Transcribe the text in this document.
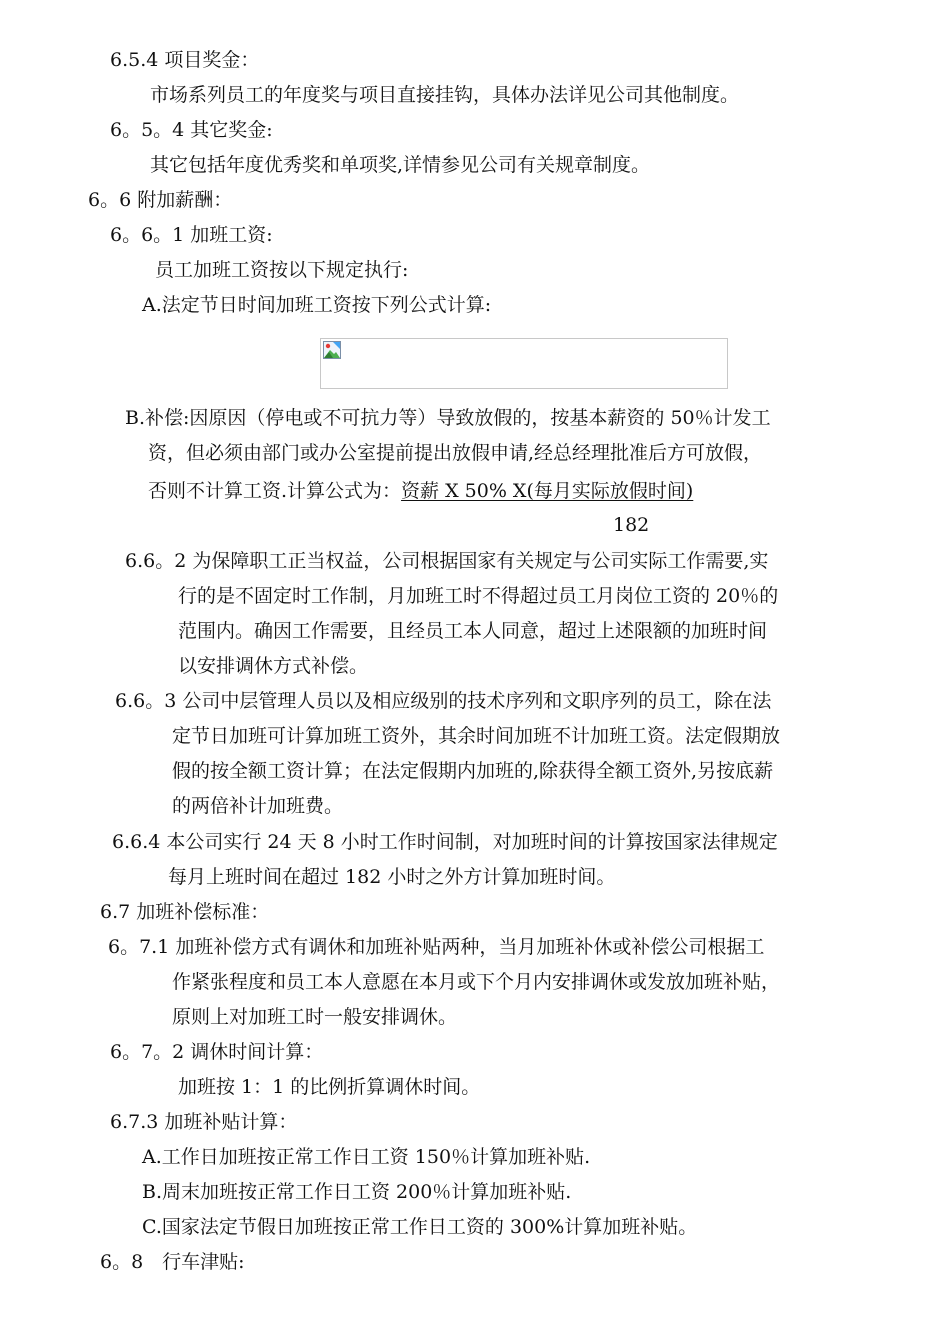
6.5.4 项目奖金：
市场系列员工的年度奖与项目直接挂钩，具体办法详见公司其他制度。
6。5。4 其它奖金:
其它包括年度优秀奖和单项奖,详情参见公司有关规章制度。
6。6 附加薪酬：
6。6。1 加班工资:
员工加班工资按以下规定执行:
A.法定节日时间加班工资按下列公式计算:
B.补偿:因原因（停电或不可抗力等）导致放假的，按基本薪资的 50％计发工
资，但必须由部门或办公室提前提出放假申请,经总经理批准后方可放假，
否则不计算工资.计算公式为：资薪 X 50% X(每月实际放假时间)
182
6.6。2 为保障职工正当权益，公司根据国家有关规定与公司实际工作需要,实
行的是不固定时工作制，月加班工时不得超过员工月岗位工资的 20％的
范围内。确因工作需要，且经员工本人同意，超过上述限额的加班时间
以安排调休方式补偿。
6.6。3 公司中层管理人员以及相应级别的技术序列和文职序列的员工，除在法
定节日加班可计算加班工资外，其余时间加班不计加班工资。法定假期放
假的按全额工资计算；在法定假期内加班的,除获得全额工资外,另按底薪
的两倍补计加班费。
6.6.4 本公司实行 24 天 8 小时工作时间制，对加班时间的计算按国家法律规定
每月上班时间在超过 182 小时之外方计算加班时间。
6.7 加班补偿标准：
6。7.1 加班补偿方式有调休和加班补贴两种，当月加班补休或补偿公司根据工
作紧张程度和员工本人意愿在本月或下个月内安排调休或发放加班补贴，
原则上对加班工时一般安排调休。
6。7。2 调休时间计算：
加班按 1：1 的比例折算调休时间。
6.7.3 加班补贴计算：
A.工作日加班按正常工作日工资 150％计算加班补贴.
B.周末加班按正常工作日工资 200％计算加班补贴.
C.国家法定节假日加班按正常工作日工资的 300%计算加班补贴。
6。8　行车津贴:
